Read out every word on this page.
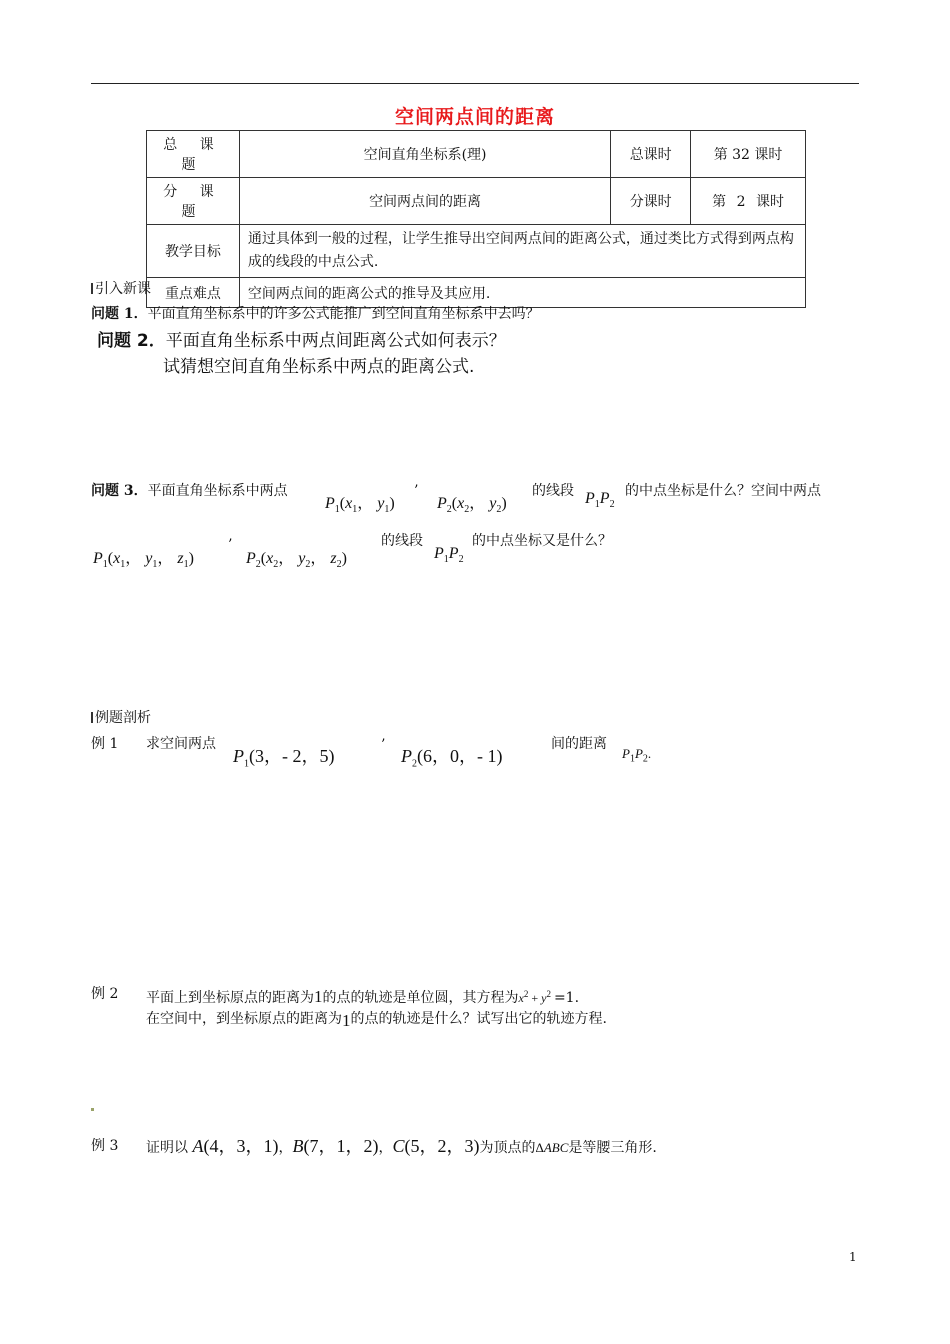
空间两点间的距离
总 课 题	空间直角坐标系(理)	总课时	第 32 课时
分 课 题	空间两点间的距离	分课时	第 2 课时
教学目标	通过具体到一般的过程，让学生推导出空间两点间的距离公式，通过类比方式得到两点构成的线段的中点公式.		
重点难点	空间两点间的距离公式的推导及其应用.		
引入新课
问题 1．平面直角坐标系中的许多公式能推广到空间直角坐标系中去吗？
问题 2．平面直角坐标系中两点间距离公式如何表示？
试猜想空间直角坐标系中两点的距离公式.
问题 3．平面直角坐标系中两点
$P_1(x_1$， $y_1$)
’
$P_2(x_2$， $y_2$)
的线段 $P_1P_2$
的中点坐标是什么？空间中两点
$P_1(x_1$， $y_1$， $z_1$)
’
$P_2(x_2$， $y_2$， $z_2$)
的线段
$P_1P_2$
的中点坐标又是什么？
例题剖析
例 1 求空间两点
$P_1(3$，- 2，5)
’
$P_2(6$，0，- 1)
间的距离
$P_1P_2$.
例 2 平面上到坐标原点的距离为1的点的轨迹是单位圆，其方程为$x^2 + y^2 =1$.
在空间中，到坐标原点的距离为1的点的轨迹是什么？试写出它的轨迹方程.
例 3 证明以 A(4，3，1)，B(7，1，2)，C(5，2，3)为顶点的ΔABC是等腰三角形.
1
